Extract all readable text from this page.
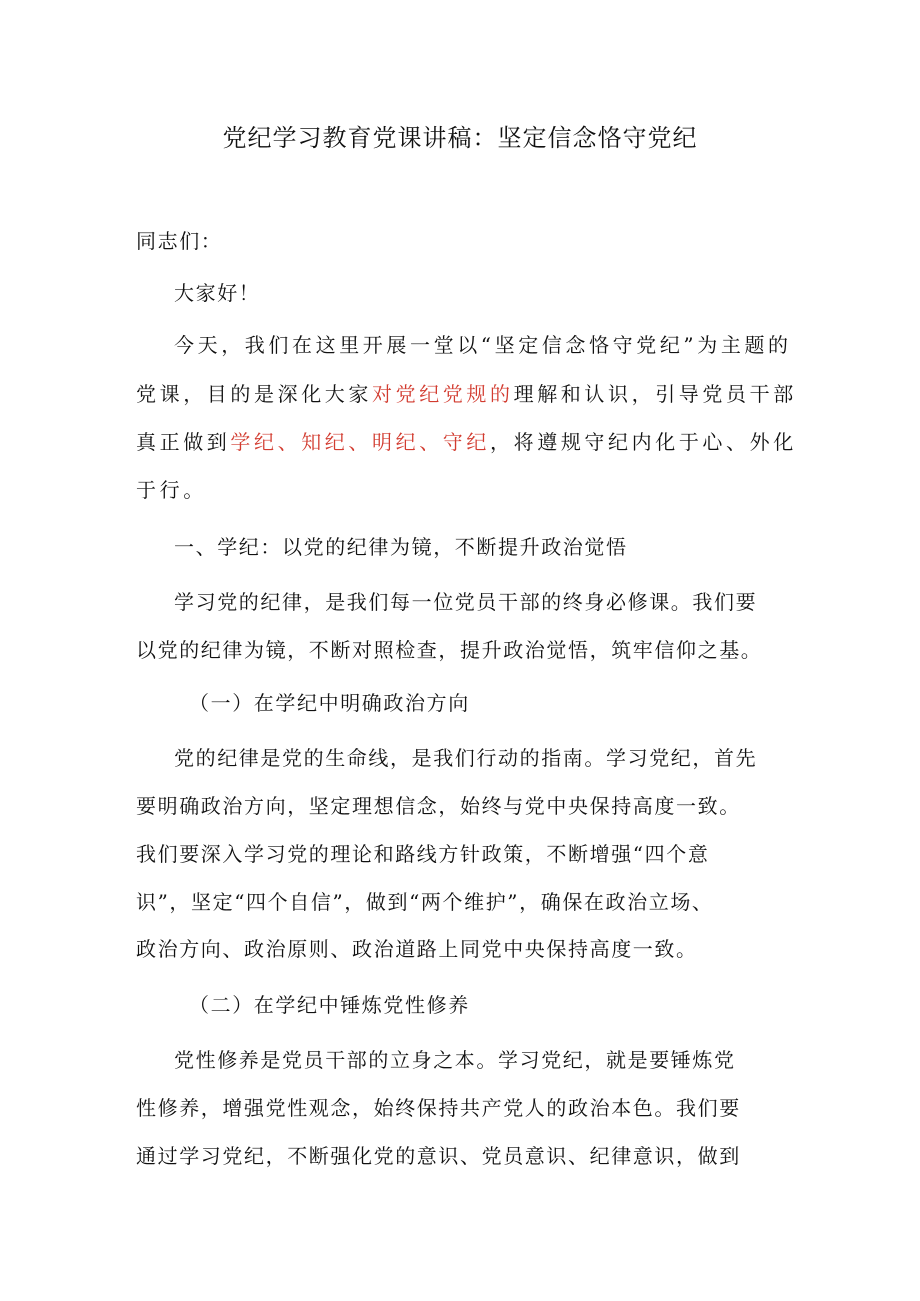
党纪学习教育党课讲稿：坚定信念恪守党纪
同志们：
大家好！
今天，我们在这里开展一堂以“坚定信念恪守党纪”为主题的
党课，目的是深化大家对党纪党规的理解和认识，引导党员干部
真正做到学纪、知纪、明纪、守纪，将遵规守纪内化于心、外化
于行。
一、学纪：以党的纪律为镜，不断提升政治觉悟
学习党的纪律，是我们每一位党员干部的终身必修课。我们要
以党的纪律为镜，不断对照检查，提升政治觉悟，筑牢信仰之基。
（一）在学纪中明确政治方向
党的纪律是党的生命线，是我们行动的指南。学习党纪，首先
要明确政治方向，坚定理想信念，始终与党中央保持高度一致。
我们要深入学习党的理论和路线方针政策，不断增强“四个意
识”，坚定“四个自信”，做到“两个维护”，确保在政治立场、
政治方向、政治原则、政治道路上同党中央保持高度一致。
（二）在学纪中锤炼党性修养
党性修养是党员干部的立身之本。学习党纪，就是要锤炼党
性修养，增强党性观念，始终保持共产党人的政治本色。我们要
通过学习党纪，不断强化党的意识、党员意识、纪律意识，做到
